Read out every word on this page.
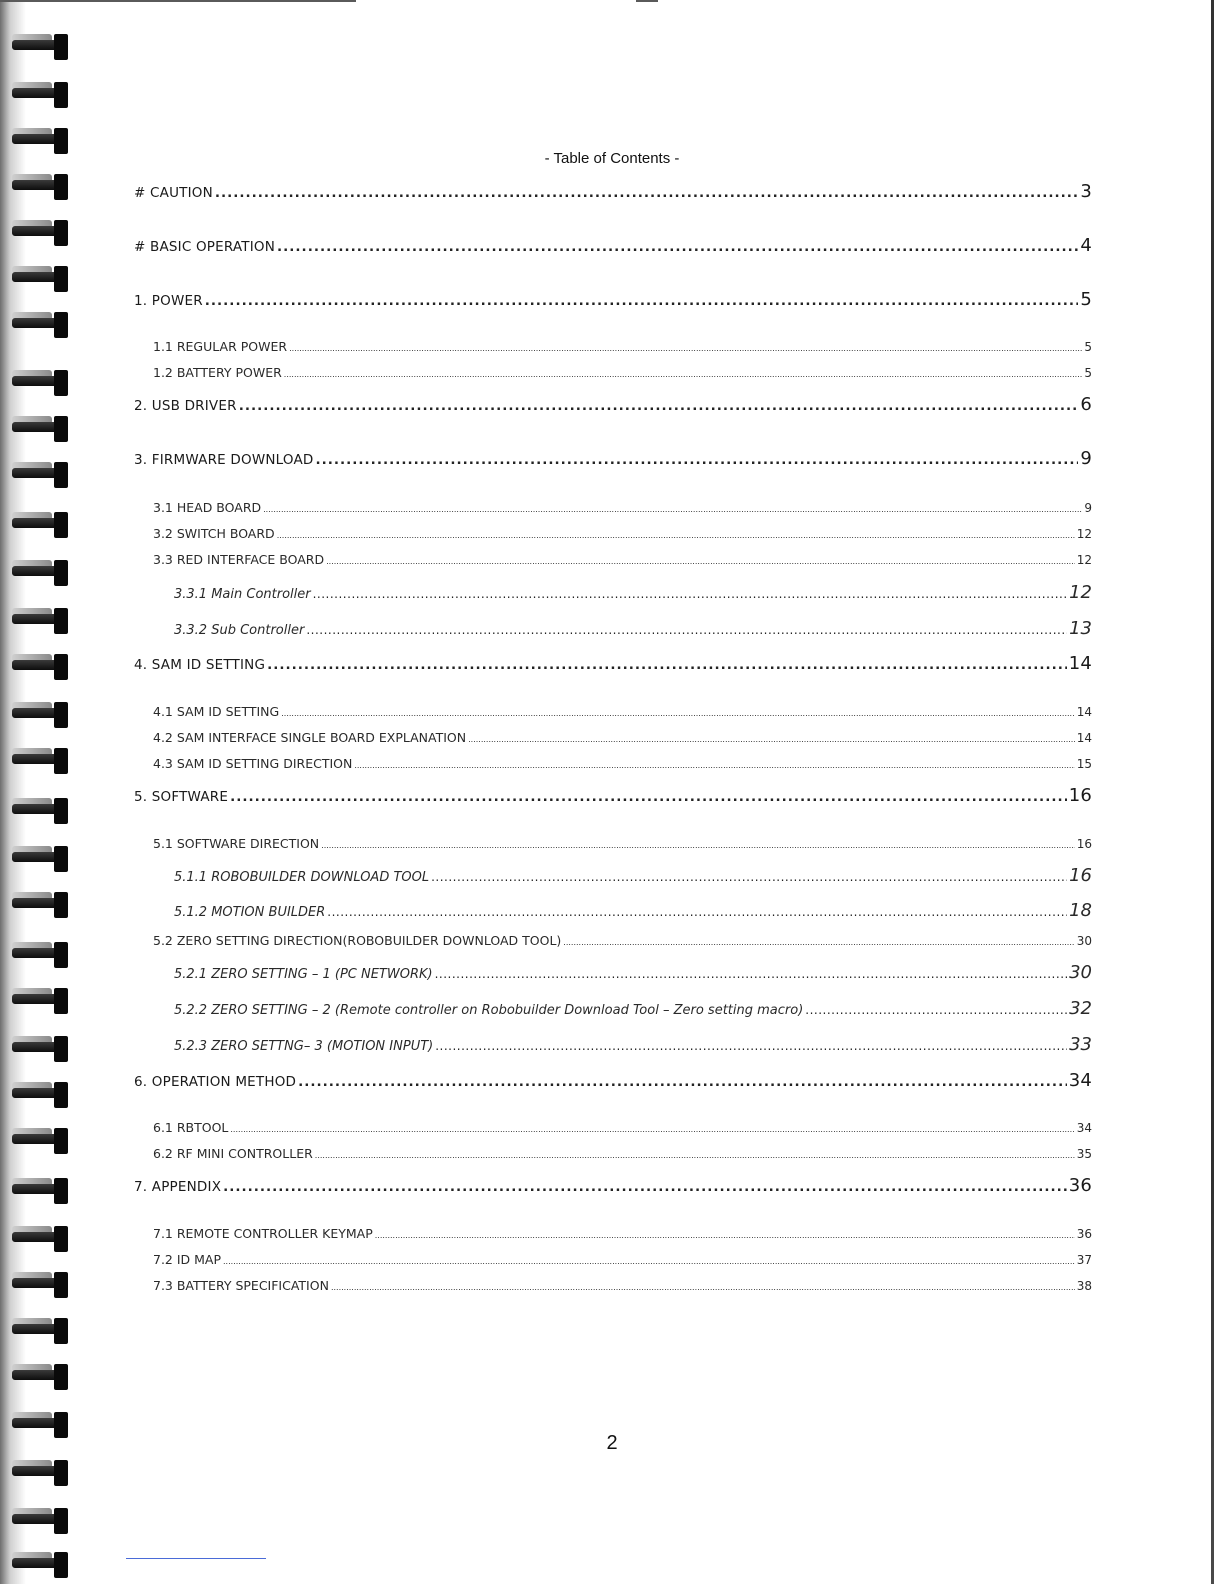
- Table of Contents -
# CAUTION .....	3
# BASIC OPERATION .....	4
1. POWER .....	5
1.1 REGULAR POWER .....	5
1.2 BATTERY POWER .....	5
2. USB DRIVER .....	6
3. FIRMWARE DOWNLOAD .....	9
3.1 HEAD BOARD .....	9
3.2 SWITCH BOARD .....	12
3.3 RED INTERFACE BOARD .....	12
3.3.1 Main Controller .....	12
3.3.2 Sub Controller .....	13
4. SAM ID SETTING .....	14
4.1 SAM ID SETTING .....	14
4.2 SAM INTERFACE SINGLE BOARD EXPLANATION .....	14
4.3 SAM ID SETTING DIRECTION .....	15
5. SOFTWARE .....	16
5.1 SOFTWARE DIRECTION .....	16
5.1.1 ROBOBUILDER DOWNLOAD TOOL .....	16
5.1.2 MOTION BUILDER .....	18
5.2 ZERO SETTING DIRECTION(ROBOBUILDER DOWNLOAD TOOL) .....	30
5.2.1 ZERO SETTING – 1 (PC NETWORK) .....	30
5.2.2 ZERO SETTING – 2 (Remote controller on Robobuilder Download Tool – Zero setting macro) .....	32
5.2.3 ZERO SETTNG– 3 (MOTION INPUT) .....	33
6. OPERATION METHOD .....	34
6.1 RBTOOL .....	34
6.2 RF MINI CONTROLLER .....	35
7. APPENDIX .....	36
7.1 REMOTE CONTROLLER KEYMAP .....	36
7.2 ID MAP .....	37
7.3 BATTERY SPECIFICATION .....	38
2
